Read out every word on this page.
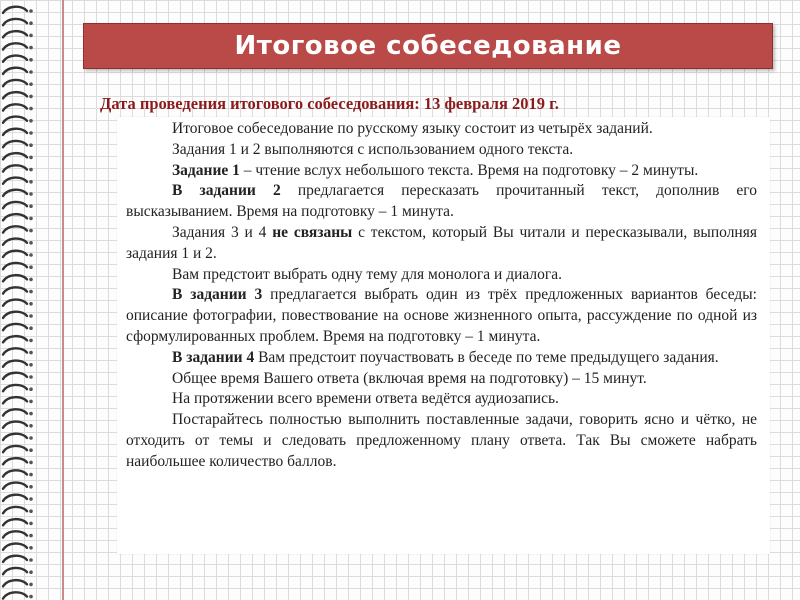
Итоговое собеседование
Дата проведения итогового собеседования: 13 февраля 2019 г.

Итоговое собеседование по русскому языку состоит из четырёх заданий.

Задания 1 и 2 выполняются с использованием одного текста.

Задание 1 – чтение вслух небольшого текста. Время на подготовку – 2 минуты.

В задании 2 предлагается пересказать прочитанный текст, дополнив его высказыванием. Время на подготовку – 1 минута.

Задания 3 и 4 не связаны с текстом, который Вы читали и пересказывали, выполняя задания 1 и 2.

Вам предстоит выбрать одну тему для монолога и диалога.

В задании 3 предлагается выбрать один из трёх предложенных вариантов беседы: описание фотографии, повествование на основе жизненного опыта, рассуждение по одной из сформулированных проблем. Время на подготовку – 1 минута.

В задании 4 Вам предстоит поучаствовать в беседе по теме предыдущего задания.

Общее время Вашего ответа (включая время на подготовку) – 15 минут.

На протяжении всего времени ответа ведётся аудиозапись.

Постарайтесь полностью выполнить поставленные задачи, говорить ясно и чётко, не отходить от темы и следовать предложенному плану ответа. Так Вы сможете набрать наибольшее количество баллов.
